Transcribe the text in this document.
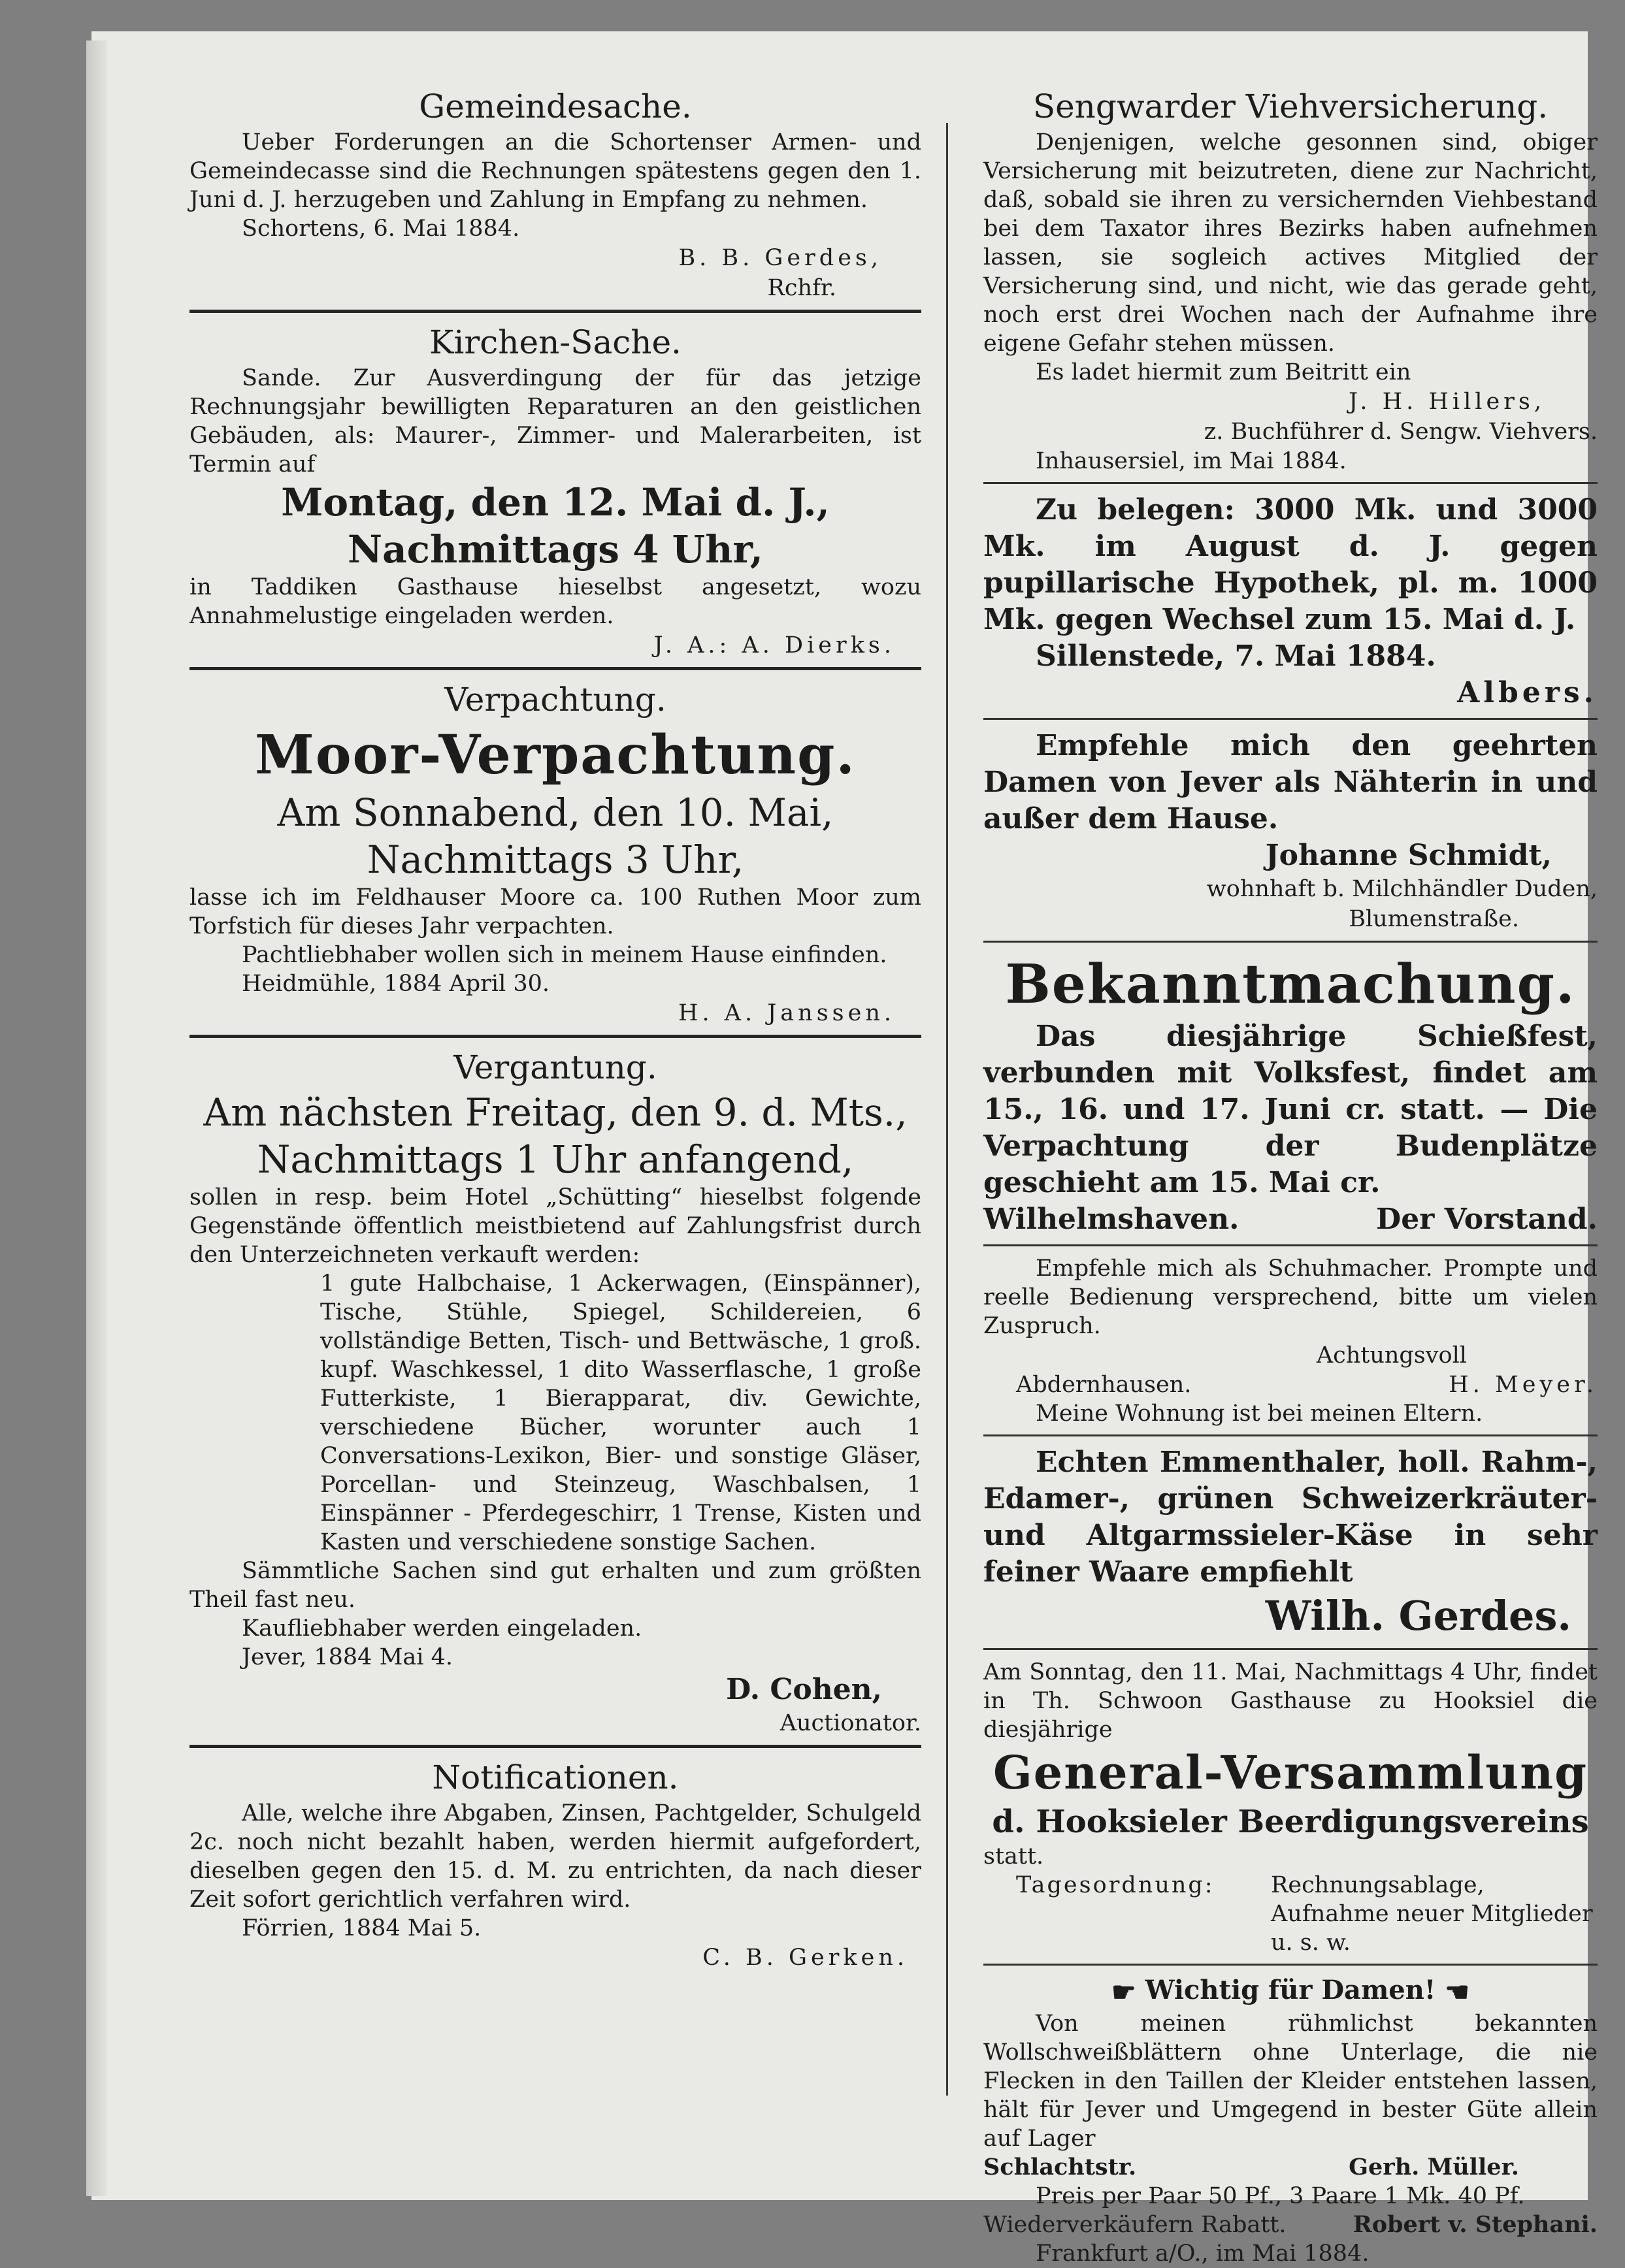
Gemeindesache.

Ueber Forderungen an die Schortenser Armen- und Gemeindecasse sind die Rechnungen spätestens gegen den 1. Juni d. J. herzugeben und Zahlung in Empfang zu nehmen.

Schortens, 6. Mai 1884.

B. B. Gerdes,
Rchfr.
Kirchen-Sache.

Sande. Zur Ausverdingung der für das jetzige Rechnungsjahr bewilligten Reparaturen an den geistlichen Gebäuden, als: Maurer-, Zimmer- und Malerarbeiten, ist Termin auf

Montag, den 12. Mai d. J.,
Nachmittags 4 Uhr,

in Taddiken Gasthause hieselbst angesetzt, wozu Annahmelustige eingeladen werden.

J. A.: A. Dierks.
Verpachtung.
Moor-Verpachtung.
Am Sonnabend, den 10. Mai,
Nachmittags 3 Uhr,

lasse ich im Feldhauser Moore ca. 100 Ruthen Moor zum Torfstich für dieses Jahr verpachten.

Pachtliebhaber wollen sich in meinem Hause einfinden.

Heidmühle, 1884 April 30.

H. A. Janssen.
Vergantung.
Am nächsten Freitag, den 9. d. Mts.,
Nachmittags 1 Uhr anfangend,

sollen in resp. beim Hotel „Schütting“ hieselbst folgende Gegenstände öffentlich meistbietend auf Zahlungsfrist durch den Unterzeichneten verkauft werden:

1 gute Halbchaise, 1 Ackerwagen, (Einspänner), Tische, Stühle, Spiegel, Schildereien, 6 vollständige Betten, Tisch- und Bettwäsche, 1 groß. kupf. Waschkessel, 1 dito Wasserflasche, 1 große Futterkiste, 1 Bierapparat, div. Gewichte, verschiedene Bücher, worunter auch 1 Conversations-Lexikon, Bier- und sonstige Gläser, Porcellan- und Steinzeug, Waschbalsen, 1 Einspänner - Pferdegeschirr, 1 Trense, Kisten und Kasten und verschiedene sonstige Sachen.

Sämmtliche Sachen sind gut erhalten und zum größten Theil fast neu.

Kaufliebhaber werden eingeladen.

Jever, 1884 Mai 4.

D. Cohen,
Auctionator.
Notificationen.

Alle, welche ihre Abgaben, Zinsen, Pachtgelder, Schulgeld 2c. noch nicht bezahlt haben, werden hiermit aufgefordert, dieselben gegen den 15. d. M. zu entrichten, da nach dieser Zeit sofort gerichtlich verfahren wird.

Förrien, 1884 Mai 5.

C. B. Gerken.
Sengwarder Viehversicherung.

Denjenigen, welche gesonnen sind, obiger Versicherung mit beizutreten, diene zur Nachricht, daß, sobald sie ihren zu versichernden Viehbestand bei dem Taxator ihres Bezirks haben aufnehmen lassen, sie sogleich actives Mitglied der Versicherung sind, und nicht, wie das gerade geht, noch erst drei Wochen nach der Aufnahme ihre eigene Gefahr stehen müssen.

Es ladet hiermit zum Beitritt ein

J. H. Hillers,
z. Buchführer d. Sengw. Viehvers.

Inhausersiel, im Mai 1884.

Zu belegen: 3000 Mk. und 3000 Mk. im August d. J. gegen pupillarische Hypothek, pl. m. 1000 Mk. gegen Wechsel zum 15. Mai d. J.

Sillenstede, 7. Mai 1884.

Albers.

Empfehle mich den geehrten Damen von Jever als Nähterin in und außer dem Hause.

Johanne Schmidt,
wohnhaft b. Milchhändler Duden,
Blumenstraße.
Bekanntmachung.

Das diesjährige Schießfest, verbunden mit Volksfest, findet am 15., 16. und 17. Juni cr. statt. — Die Verpachtung der Budenplätze geschieht am 15. Mai cr.

Wilhelmshaven.	Der Vorstand.

Empfehle mich als Schuhmacher. Prompte und reelle Bedienung versprechend, bitte um vielen Zuspruch.

Achtungsvoll
Abdernhausen.	H. Meyer.

Meine Wohnung ist bei meinen Eltern.

Echten Emmenthaler, holl. Rahm-, Edamer-, grünen Schweizerkräuter- und Altgarmssieler-Käse in sehr feiner Waare empfiehlt

Wilh. Gerdes.

Am Sonntag, den 11. Mai, Nachmittags 4 Uhr, findet in Th. Schwoon Gasthause zu Hooksiel die diesjährige

General-Versammlung
d. Hooksieler Beerdigungsvereins

statt.

Tagesordnung:	Rechnungsablage, Aufnahme neuer Mitglieder u. s. w.
☛ Wichtig für Damen! ☚

Von meinen rühmlichst bekannten Wollschweißblättern ohne Unterlage, die nie Flecken in den Taillen der Kleider entstehen lassen, hält für Jever und Umgegend in bester Güte allein auf Lager

Schlachtstr.	Gerh. Müller.

Preis per Paar 50 Pf., 3 Paare 1 Mk. 40 Pf.

Wiederverkäufern Rabatt.	Robert v. Stephani.

Frankfurt a/O., im Mai 1884.
